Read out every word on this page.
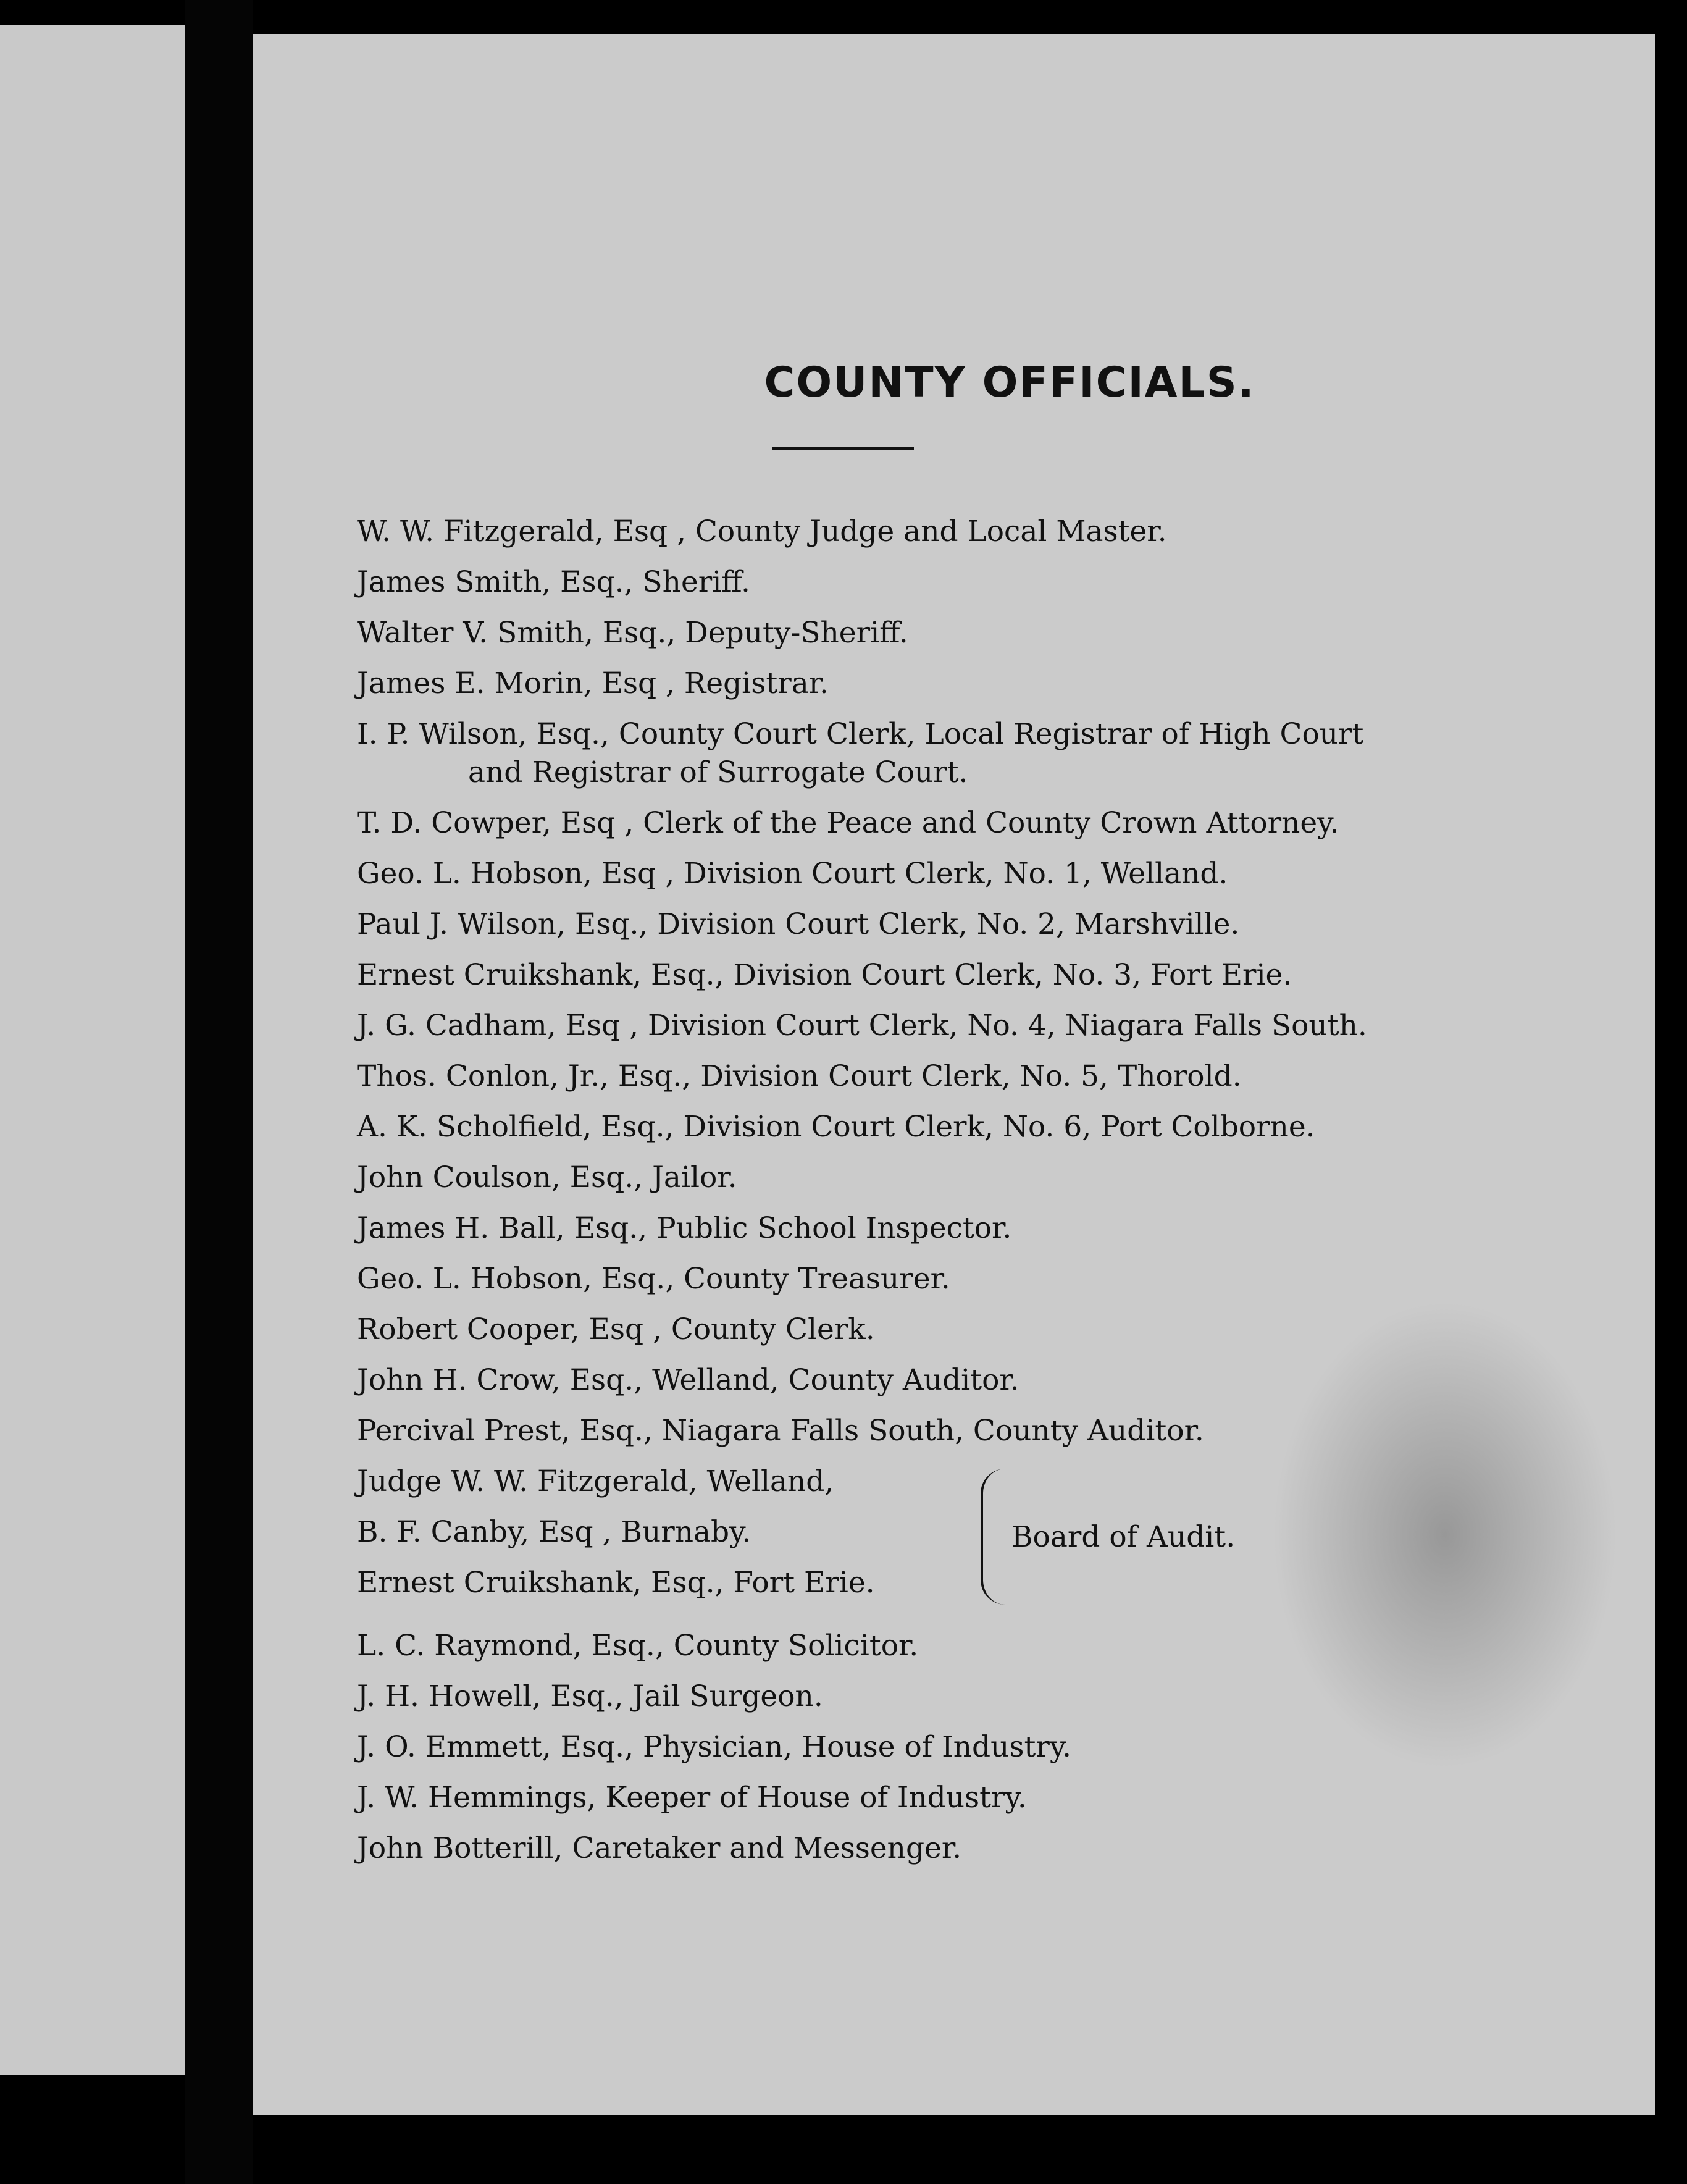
COUNTY OFFICIALS.
W. W. Fitzgerald, Esq , County Judge and Local Master.
James Smith, Esq., Sheriff.
Walter V. Smith, Esq., Deputy-Sheriff.
James E. Morin, Esq , Registrar.
I. P. Wilson, Esq., County Court Clerk, Local Registrar of High Court and Registrar of Surrogate Court.
T. D. Cowper, Esq , Clerk of the Peace and County Crown Attorney.
Geo. L. Hobson, Esq , Division Court Clerk, No. 1, Welland.
Paul J. Wilson, Esq., Division Court Clerk, No. 2, Marshville.
Ernest Cruikshank, Esq., Division Court Clerk, No. 3, Fort Erie.
J. G. Cadham, Esq , Division Court Clerk, No. 4, Niagara Falls South.
Thos. Conlon, Jr., Esq., Division Court Clerk, No. 5, Thorold.
A. K. Scholfield, Esq., Division Court Clerk, No. 6, Port Colborne.
John Coulson, Esq., Jailor.
James H. Ball, Esq., Public School Inspector.
Geo. L. Hobson, Esq., County Treasurer.
Robert Cooper, Esq , County Clerk.
John H. Crow, Esq., Welland, County Auditor.
Percival Prest, Esq., Niagara Falls South, County Auditor.
Judge W. W. Fitzgerald, Welland,
B. F. Canby, Esq , Burnaby.
Ernest Cruikshank, Esq., Fort Erie.
Board of Audit.
L. C. Raymond, Esq., County Solicitor.
J. H. Howell, Esq., Jail Surgeon.
J. O. Emmett, Esq., Physician, House of Industry.
J. W. Hemmings, Keeper of House of Industry.
John Botterill, Caretaker and Messenger.
